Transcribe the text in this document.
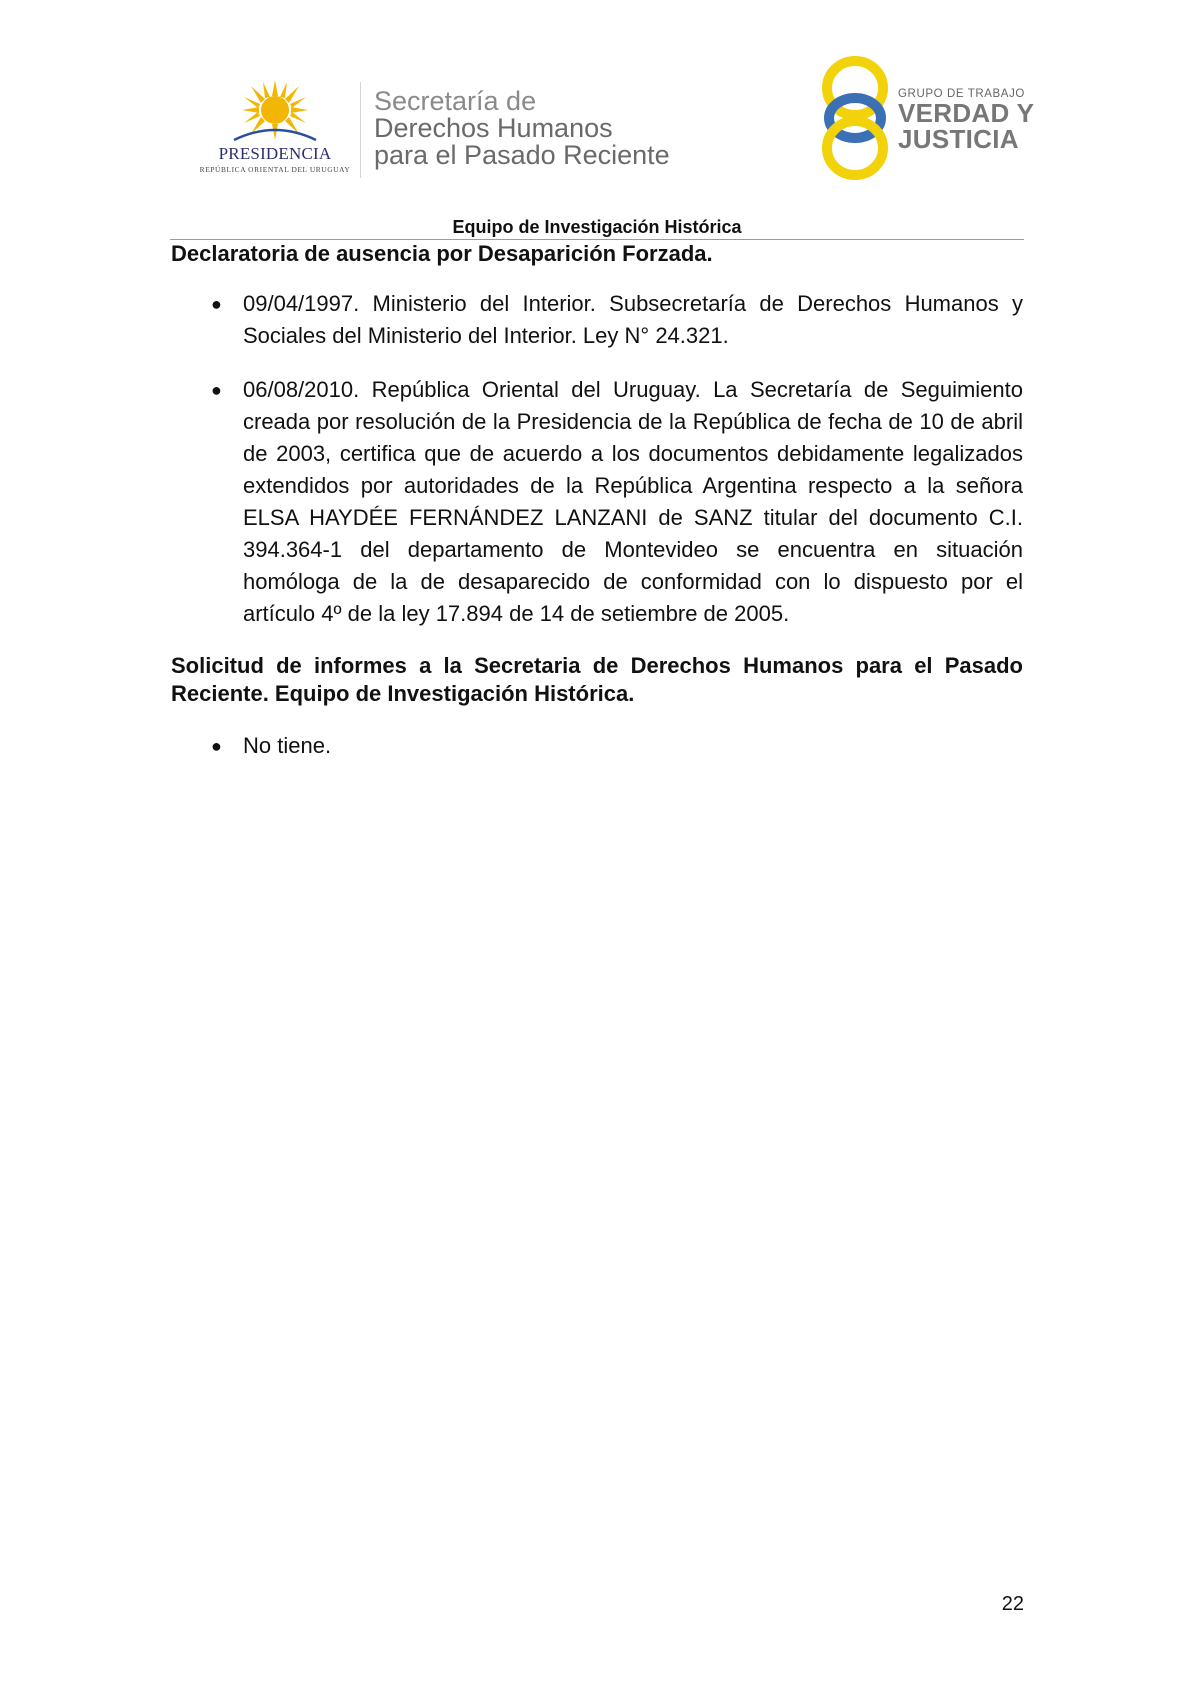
PRESIDENCIA
REPÚBLICA ORIENTAL DEL URUGUAY
Secretaría de
Derechos Humanos
para el Pasado Reciente
GRUPO DE TRABAJO
VERDAD Y
JUSTICIA
Equipo de Investigación Histórica
Declaratoria de ausencia por Desaparición Forzada.
● 09/04/1997. Ministerio del Interior. Subsecretaría de Derechos Humanos y Sociales del Ministerio del Interior. Ley N° 24.321.
● 06/08/2010. República Oriental del Uruguay. La Secretaría de Seguimiento creada por resolución de la Presidencia de la República de fecha de 10 de abril de 2003, certifica que de acuerdo a los documentos debidamente legalizados extendidos por autoridades de la República Argentina respecto a la señora ELSA HAYDÉE FERNÁNDEZ LANZANI de SANZ titular del documento C.I. 394.364-1 del departamento de Montevideo se encuentra en situación homóloga de la de desaparecido de conformidad con lo dispuesto por el artículo 4º de la ley 17.894 de 14 de setiembre de 2005.
Solicitud de informes a la Secretaria de Derechos Humanos para el Pasado Reciente. Equipo de Investigación Histórica.
● No tiene.
22
